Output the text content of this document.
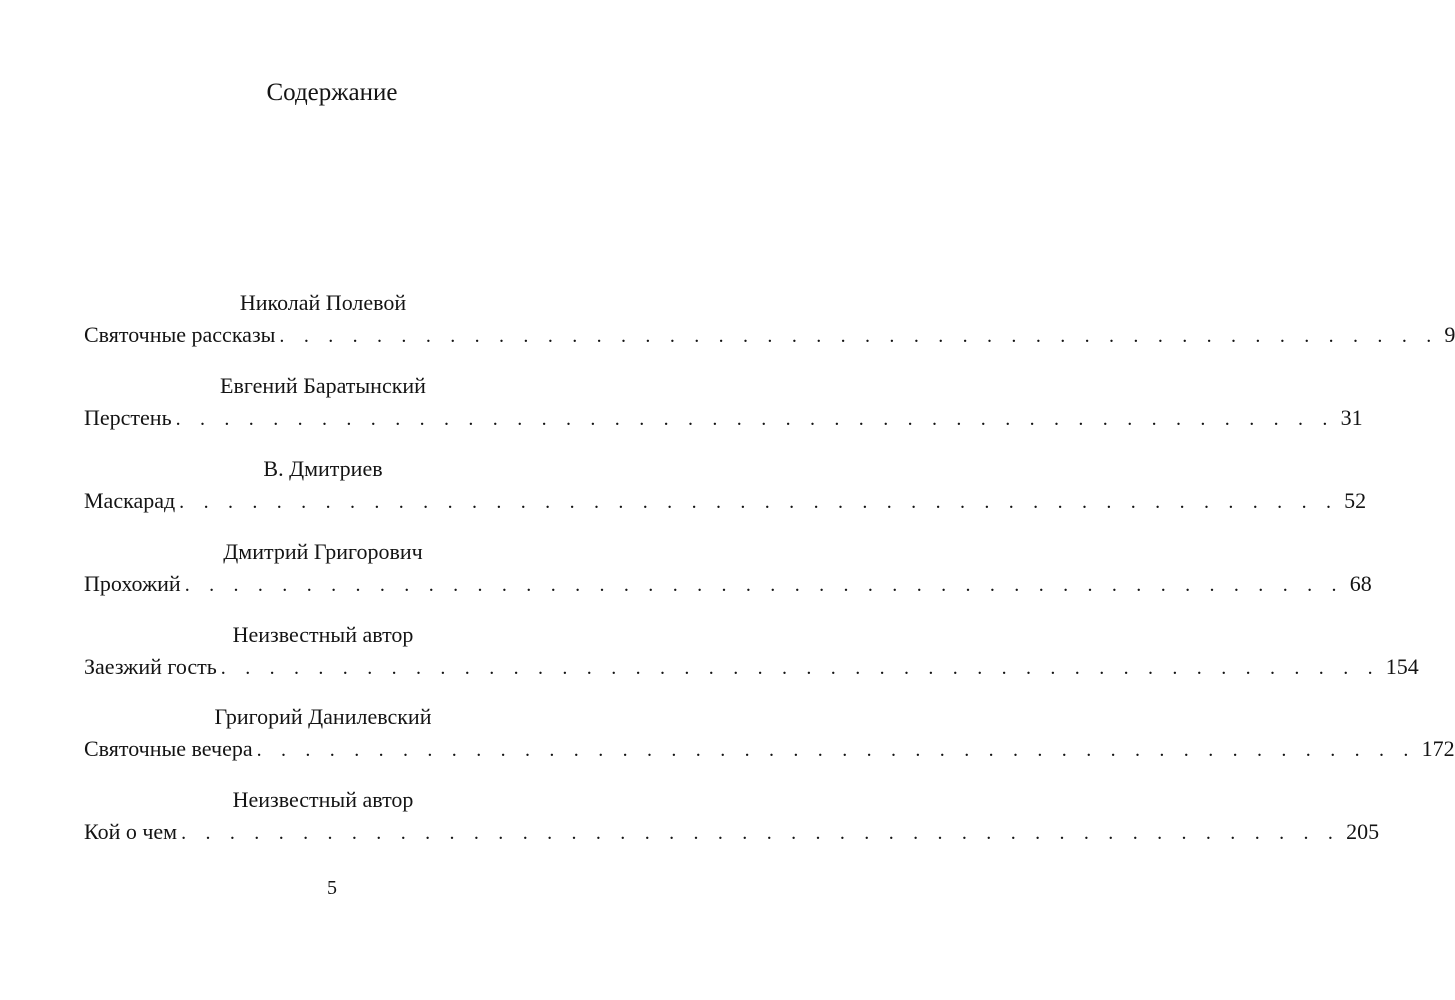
Содержание
Николай Полевой
Святочные рассказы . . . . . . . . . . . . . . . . . . . . . . . . . . . . . . . . . . . . . . . . . . . . . . . . 9
Евгений Баратынский
Перстень . . . . . . . . . . . . . . . . . . . . . . . . . . . . . . . . . . . . . . . . . . . . . . . . 31
В. Дмитриев
Маскарад . . . . . . . . . . . . . . . . . . . . . . . . . . . . . . . . . . . . . . . . . . . . . . . . 52
Дмитрий Григорович
Прохожий . . . . . . . . . . . . . . . . . . . . . . . . . . . . . . . . . . . . . . . . . . . . . . . . 68
Неизвестный автор
Заезжий гость . . . . . . . . . . . . . . . . . . . . . . . . . . . . . . . . . . . . . . . . . . . . . . . . 154
Григорий Данилевский
Святочные вечера . . . . . . . . . . . . . . . . . . . . . . . . . . . . . . . . . . . . . . . . . . . . . . . . 172
Неизвестный автор
Кой о чем . . . . . . . . . . . . . . . . . . . . . . . . . . . . . . . . . . . . . . . . . . . . . . . . 205
5
